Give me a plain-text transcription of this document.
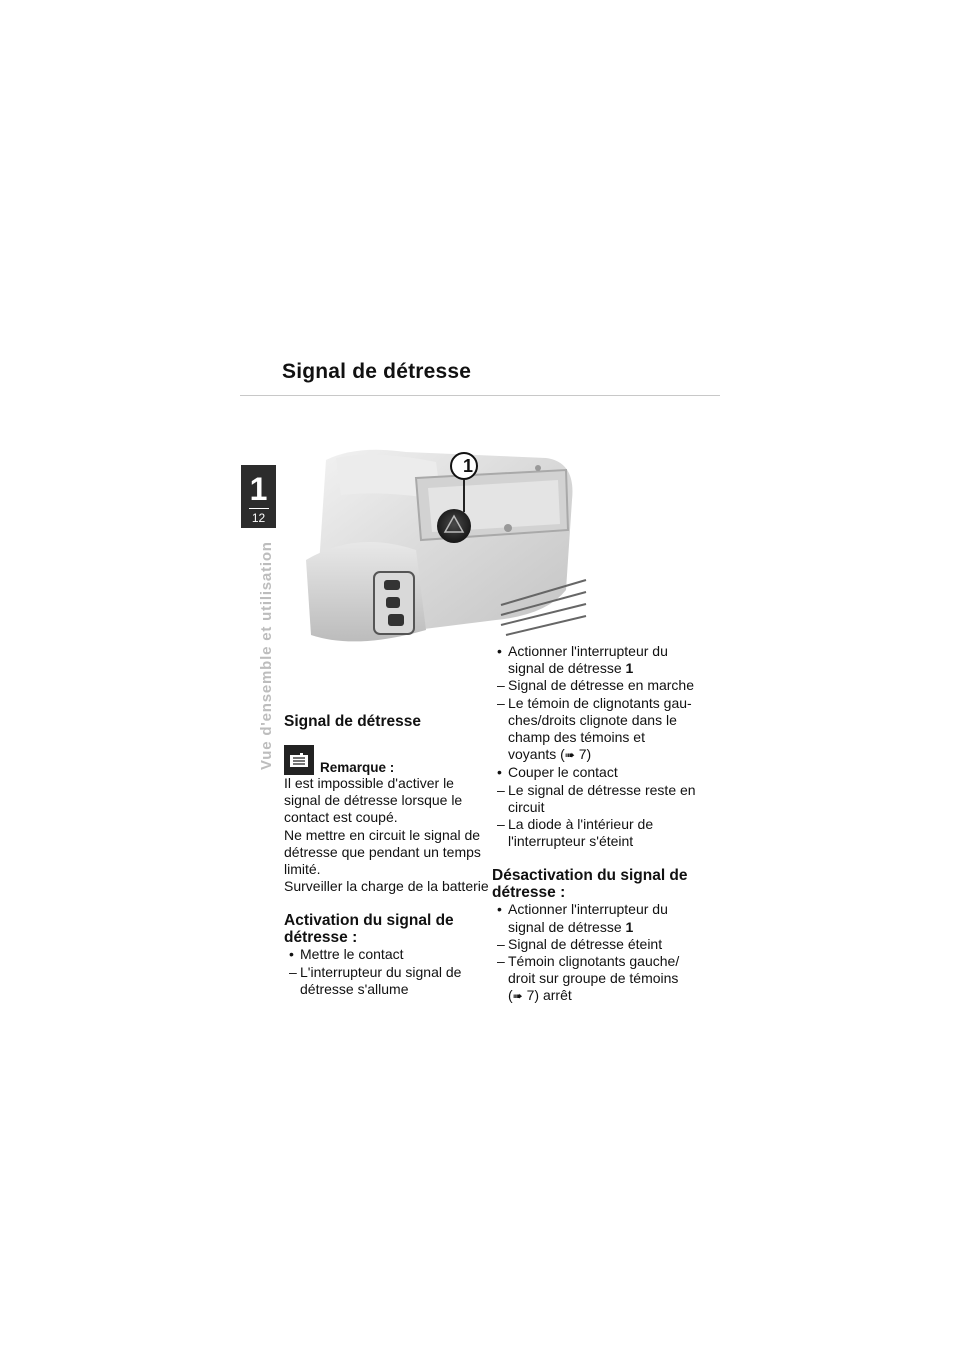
Signal de détresse
1
12
Vue d'ensemble et utilisation
1

Signal de détresse

Remarque :
Il est impossible d'activer le signal de détresse lorsque le contact est coupé.
Ne mettre en circuit le signal de détresse que pendant un temps limité.
Surveiller la charge de la batterie

Activation du signal de

détresse :

• Mettre le contact
– L'interrupteur du signal de détresse s'allume
• Actionner l'interrupteur du signal de détresse 1
– Signal de détresse en marche
– Le témoin de clignotants gau-ches/droits clignote dans le champ des témoins et voyants (➠ 7)
• Couper le contact
– Le signal de détresse reste en circuit
– La diode à l'intérieur de l'interrupteur s'éteint

Désactivation du signal de

détresse :

• Actionner l'interrupteur du signal de détresse 1
– Signal de détresse éteint
– Témoin clignotants gauche/ droit sur groupe de témoins (➠ 7) arrêt
